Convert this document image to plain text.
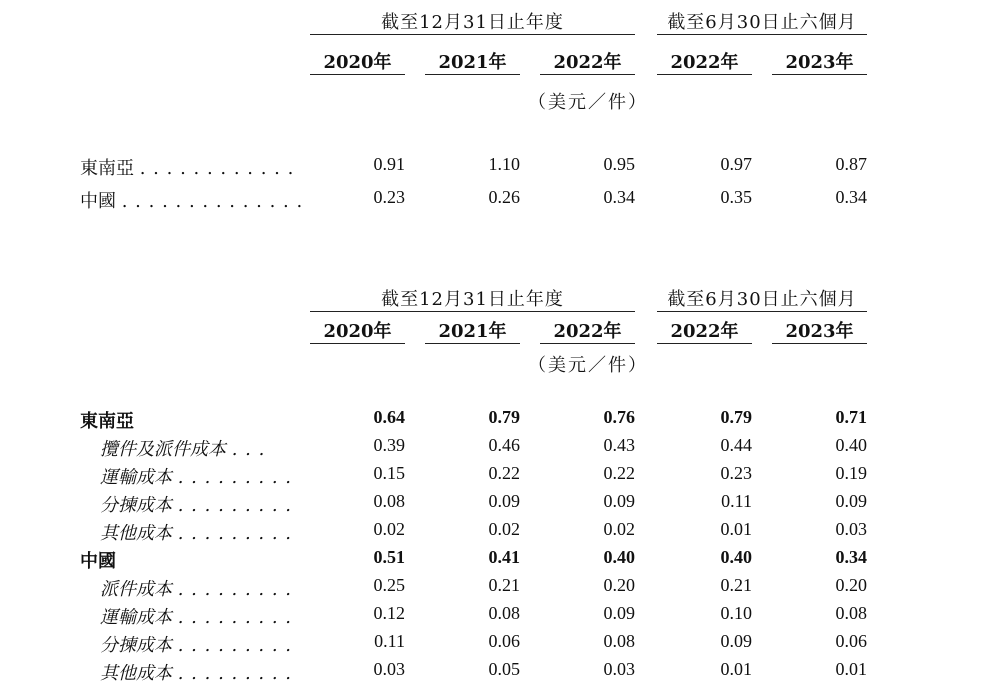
截至12月31日止年度	截至6月30日止六個月
2020年	2021年	2022年	2022年	2023年
（美元／件）
東南亞 . . . . . . . . . . . .	0.91	1.10	0.95	0.97	0.87
中國 . . . . . . . . . . . . . .	0.23	0.26	0.34	0.35	0.34
截至12月31日止年度	截至6月30日止六個月
2020年	2021年	2022年	2022年	2023年
（美元／件）
東南亞	0.64	0.79	0.76	0.79	0.71
攬件及派件成本 . . .	0.39	0.46	0.43	0.44	0.40
運輸成本 . . . . . . . . .	0.15	0.22	0.22	0.23	0.19
分揀成本 . . . . . . . . .	0.08	0.09	0.09	0.11	0.09
其他成本 . . . . . . . . .	0.02	0.02	0.02	0.01	0.03
中國	0.51	0.41	0.40	0.40	0.34
派件成本 . . . . . . . . .	0.25	0.21	0.20	0.21	0.20
運輸成本 . . . . . . . . .	0.12	0.08	0.09	0.10	0.08
分揀成本 . . . . . . . . .	0.11	0.06	0.08	0.09	0.06
其他成本 . . . . . . . . .	0.03	0.05	0.03	0.01	0.01
